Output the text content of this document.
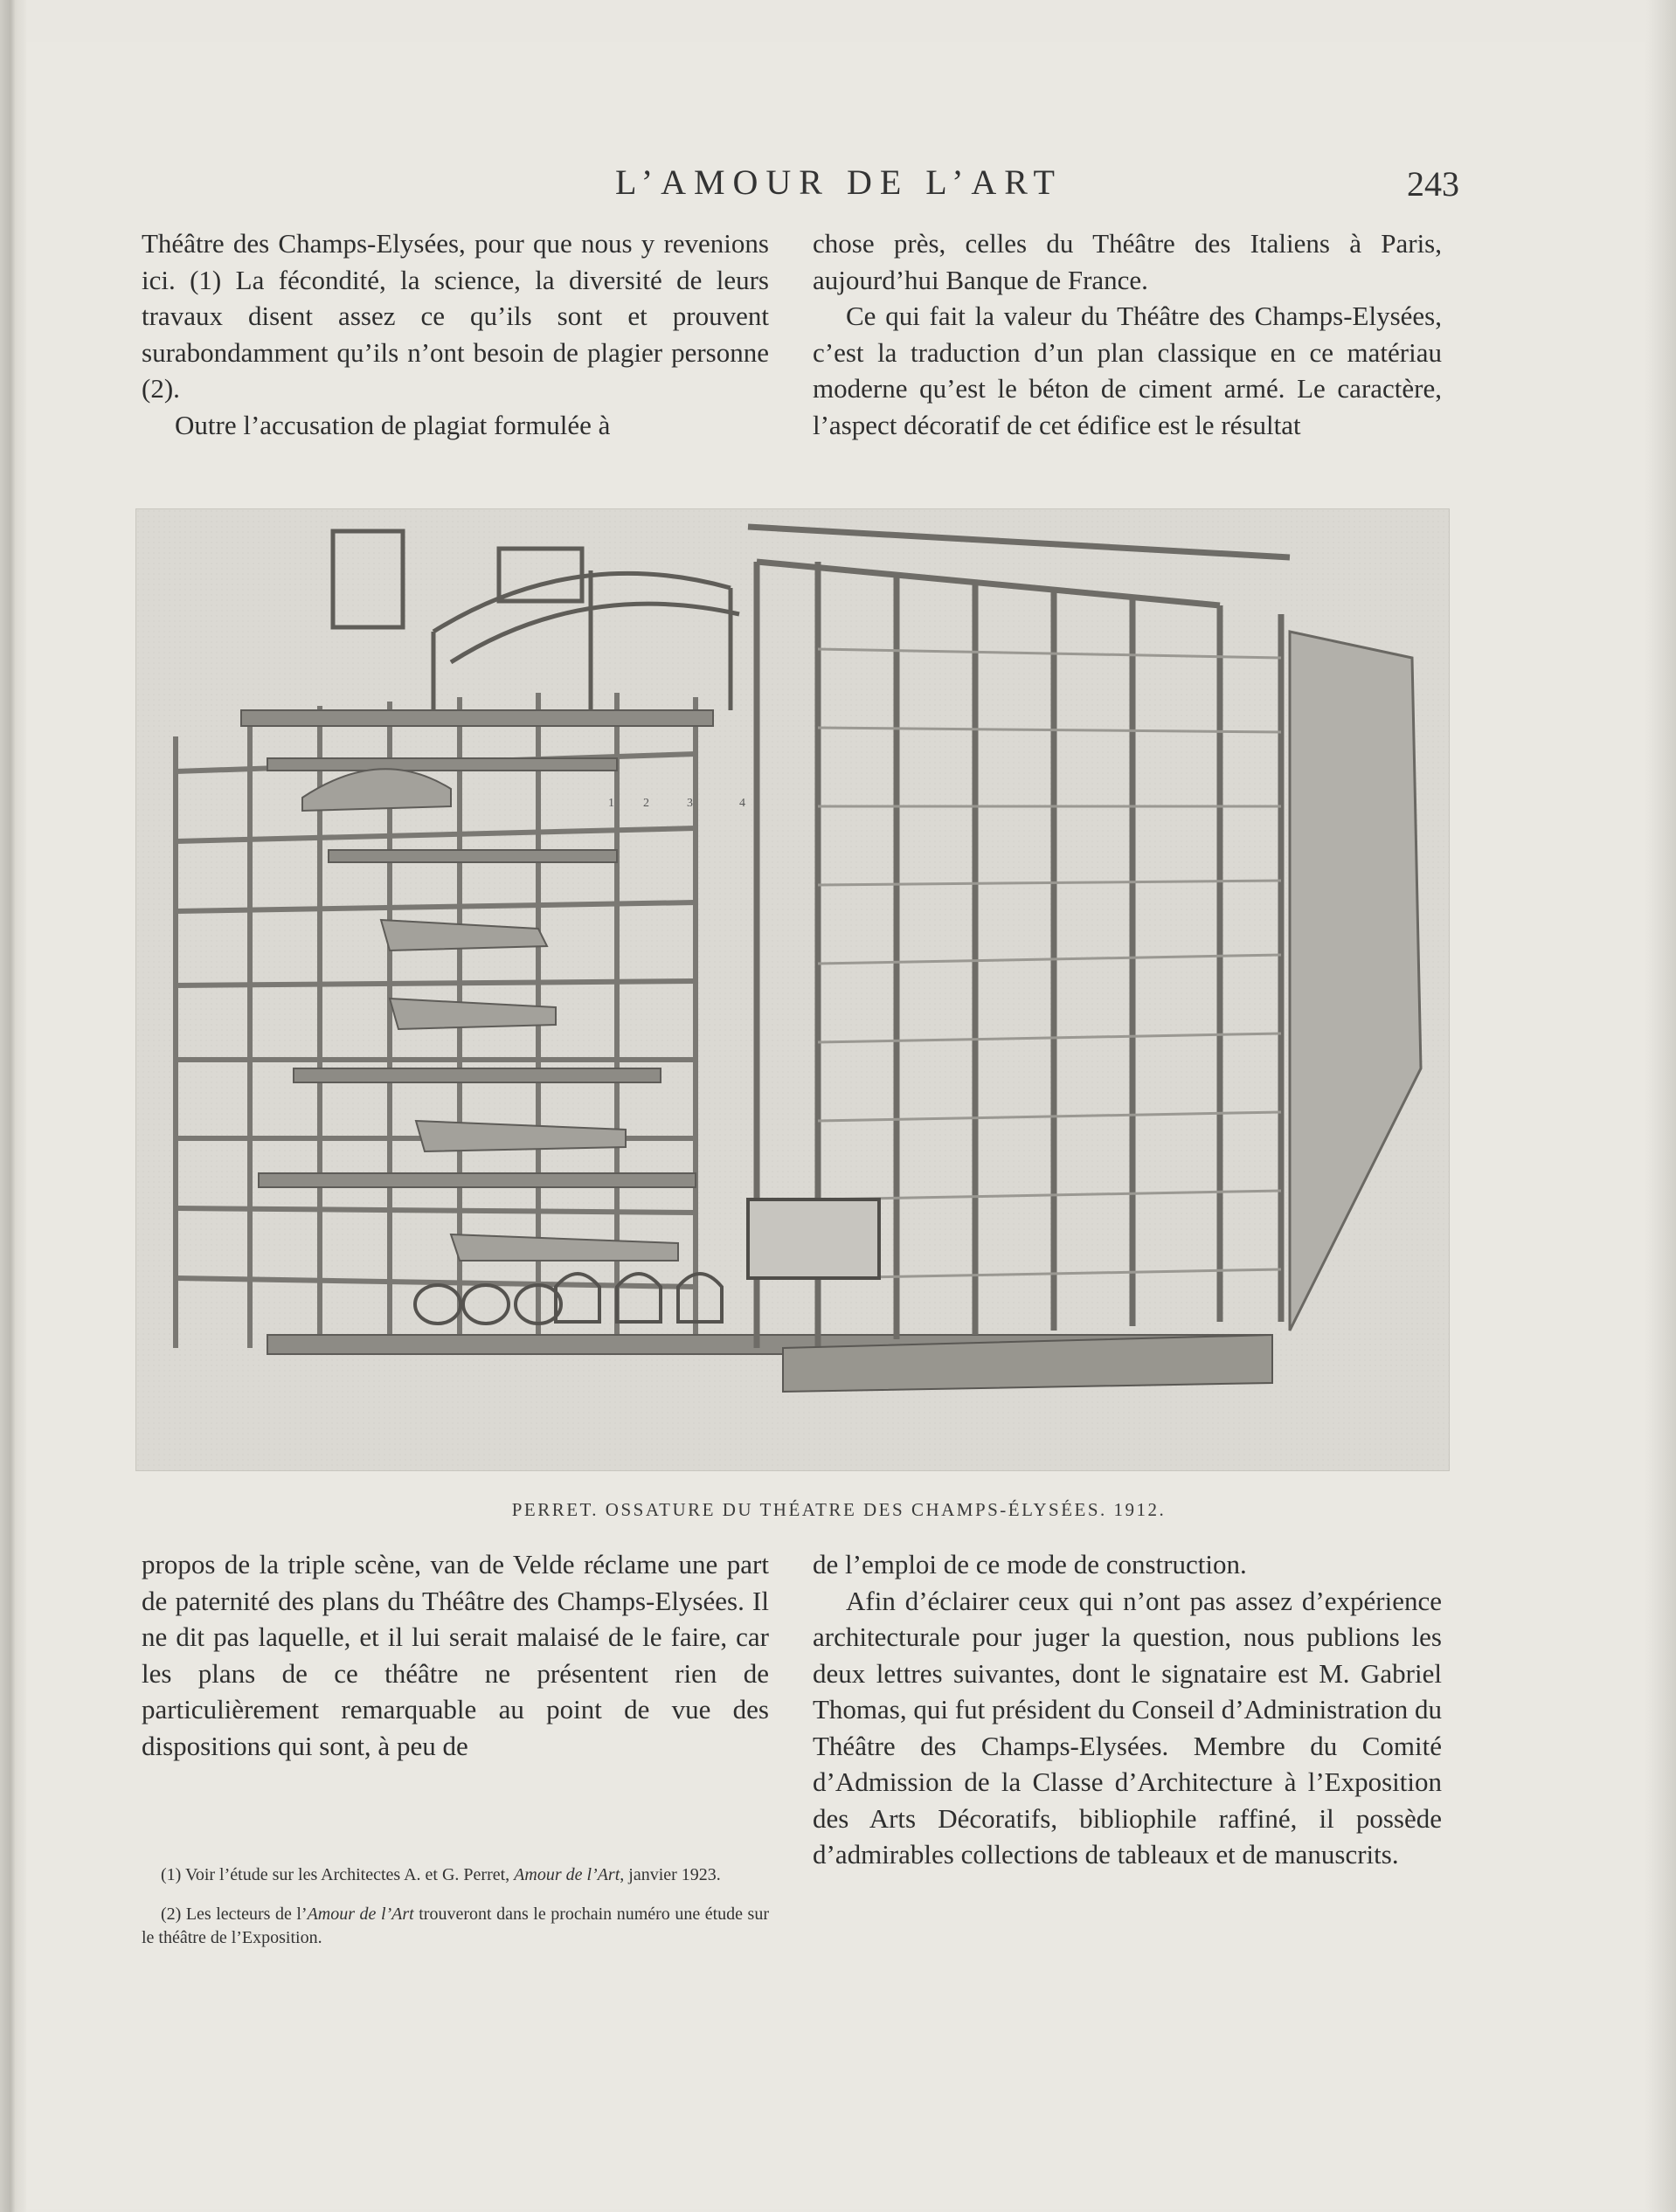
L’AMOUR DE L’ART	243

Théâtre des Champs-Elysées, pour que nous y revenions ici. (1) La fécondité, la science, la diversité de leurs travaux disent assez ce qu’ils sont et prouvent surabondamment qu’ils n’ont besoin de plagier personne (2).

Outre l’accusation de plagiat formulée à

chose près, celles du Théâtre des Italiens à Paris, aujourd’hui Banque de France.

Ce qui fait la valeur du Théâtre des Champs-Elysées, c’est la traduction d’un plan classique en ce matériau moderne qu’est le béton de ciment armé. Le caractère, l’aspect décoratif de cet édifice est le résultat

1 2	3	4
PERRET. OSSATURE DU THÉATRE DES CHAMPS-ÉLYSÉES. 1912.

propos de la triple scène, van de Velde réclame une part de paternité des plans du Théâtre des Champs-Elysées. Il ne dit pas laquelle, et il lui serait malaisé de le faire, car les plans de ce théâtre ne présentent rien de particulièrement remarquable au point de vue des dispositions qui sont, à peu de

de l’emploi de ce mode de construction.

Afin d’éclairer ceux qui n’ont pas assez d’expérience architecturale pour juger la question, nous publions les deux lettres suivantes, dont le signataire est M. Gabriel Thomas, qui fut président du Conseil d’Administration du Théâtre des Champs-Elysées. Membre du Comité d’Admission de la Classe d’Architecture à l’Exposition des Arts Décoratifs, bibliophile raffiné, il possède d’admirables collections de tableaux et de manuscrits.

(1) Voir l’étude sur les Architectes A. et G. Perret, Amour de l’Art, janvier 1923.

(2) Les lecteurs de l’Amour de l’Art trouveront dans le prochain numéro une étude sur le théâtre de l’Exposition.
